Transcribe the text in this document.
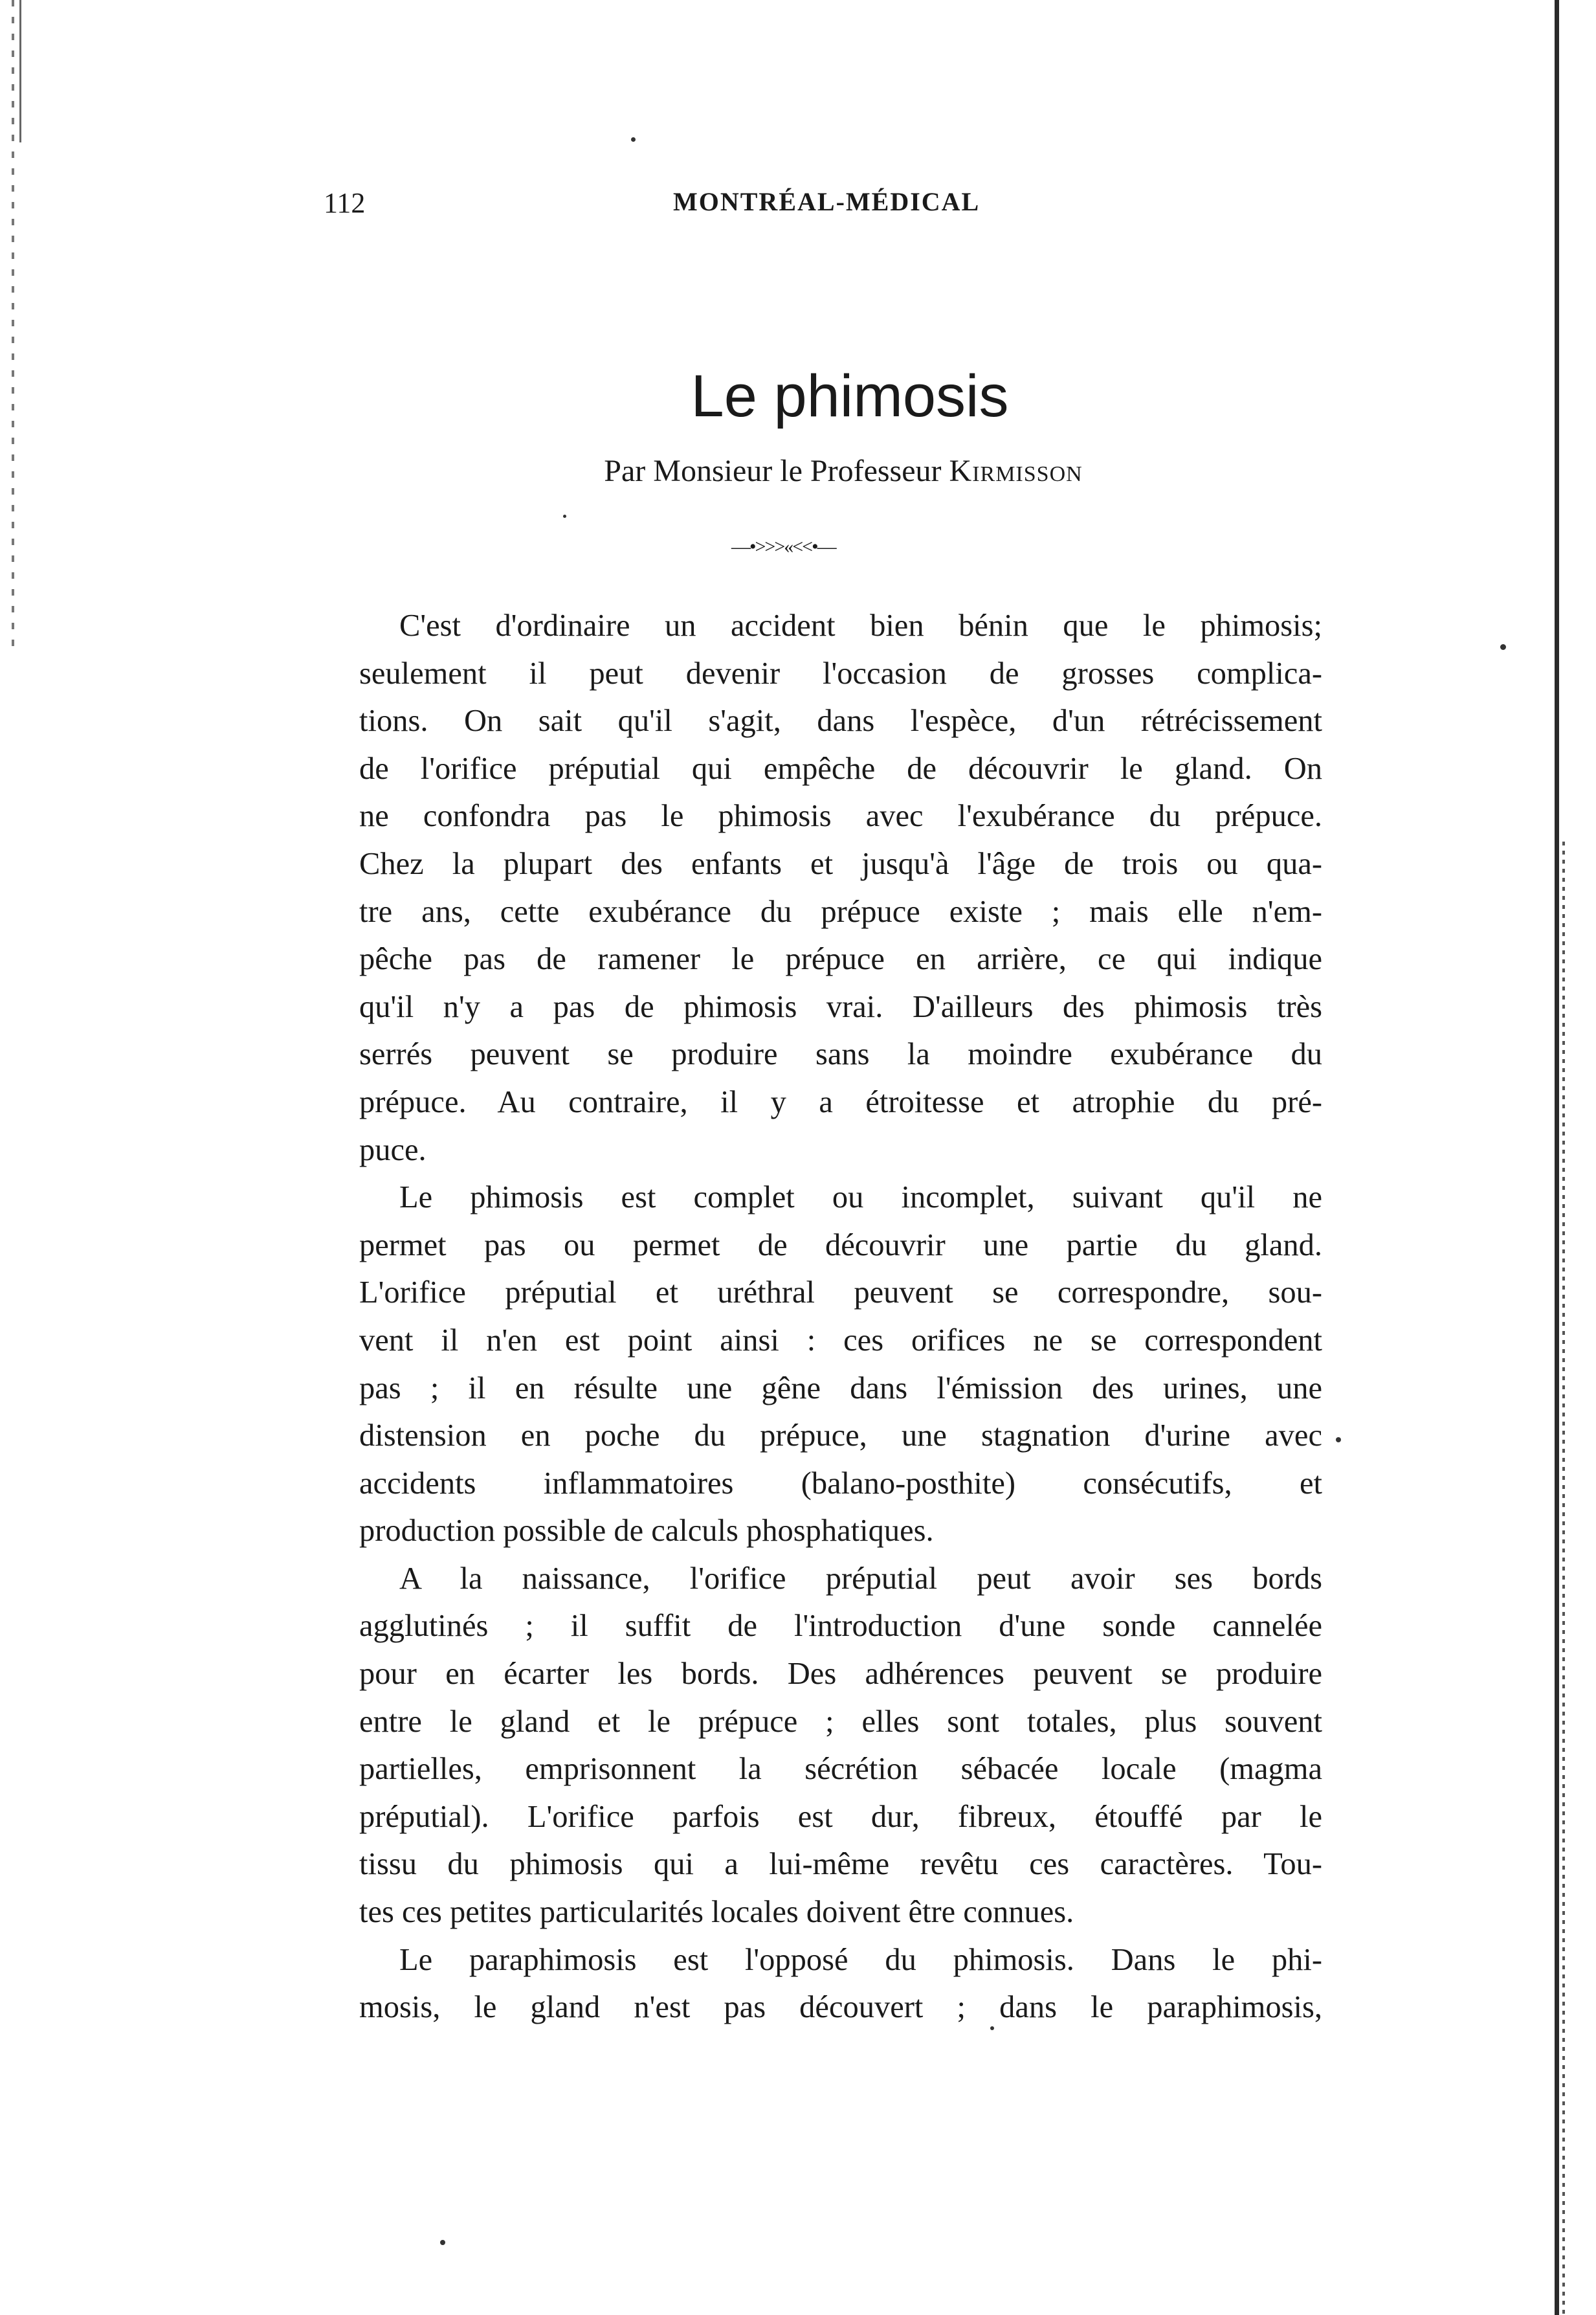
112	MONTRÉAL-MÉDICAL
Le phimosis
Par Monsieur le Professeur Kirmisson
—•>>>«<<•—

C'est d'ordinaire un accident bien bénin que le phimosis;
seulement il peut devenir l'occasion de grosses complica-
tions. On sait qu'il s'agit, dans l'espèce, d'un rétrécissement
de l'orifice préputial qui empêche de découvrir le gland. On
ne confondra pas le phimosis avec l'exubérance du prépuce.
Chez la plupart des enfants et jusqu'à l'âge de trois ou qua-
tre ans, cette exubérance du prépuce existe ; mais elle n'em-
pêche pas de ramener le prépuce en arrière, ce qui indique
qu'il n'y a pas de phimosis vrai. D'ailleurs des phimosis très
serrés peuvent se produire sans la moindre exubérance du
prépuce. Au contraire, il y a étroitesse et atrophie du pré-
puce.

Le phimosis est complet ou incomplet, suivant qu'il ne
permet pas ou permet de découvrir une partie du gland.
L'orifice préputial et uréthral peuvent se correspondre, sou-
vent il n'en est point ainsi : ces orifices ne se correspondent
pas ; il en résulte une gêne dans l'émission des urines, une
distension en poche du prépuce, une stagnation d'urine avec
accidents inflammatoires (balano-posthite) consécutifs, et
production possible de calculs phosphatiques.

A la naissance, l'orifice préputial peut avoir ses bords
agglutinés ; il suffit de l'introduction d'une sonde cannelée
pour en écarter les bords. Des adhérences peuvent se produire
entre le gland et le prépuce ; elles sont totales, plus souvent
partielles, emprisonnent la sécrétion sébacée locale (magma
préputial). L'orifice parfois est dur, fibreux, étouffé par le
tissu du phimosis qui a lui-même revêtu ces caractères. Tou-
tes ces petites particularités locales doivent être connues.

Le paraphimosis est l'opposé du phimosis. Dans le phi-
mosis, le gland n'est pas découvert ; dans le paraphimosis,
